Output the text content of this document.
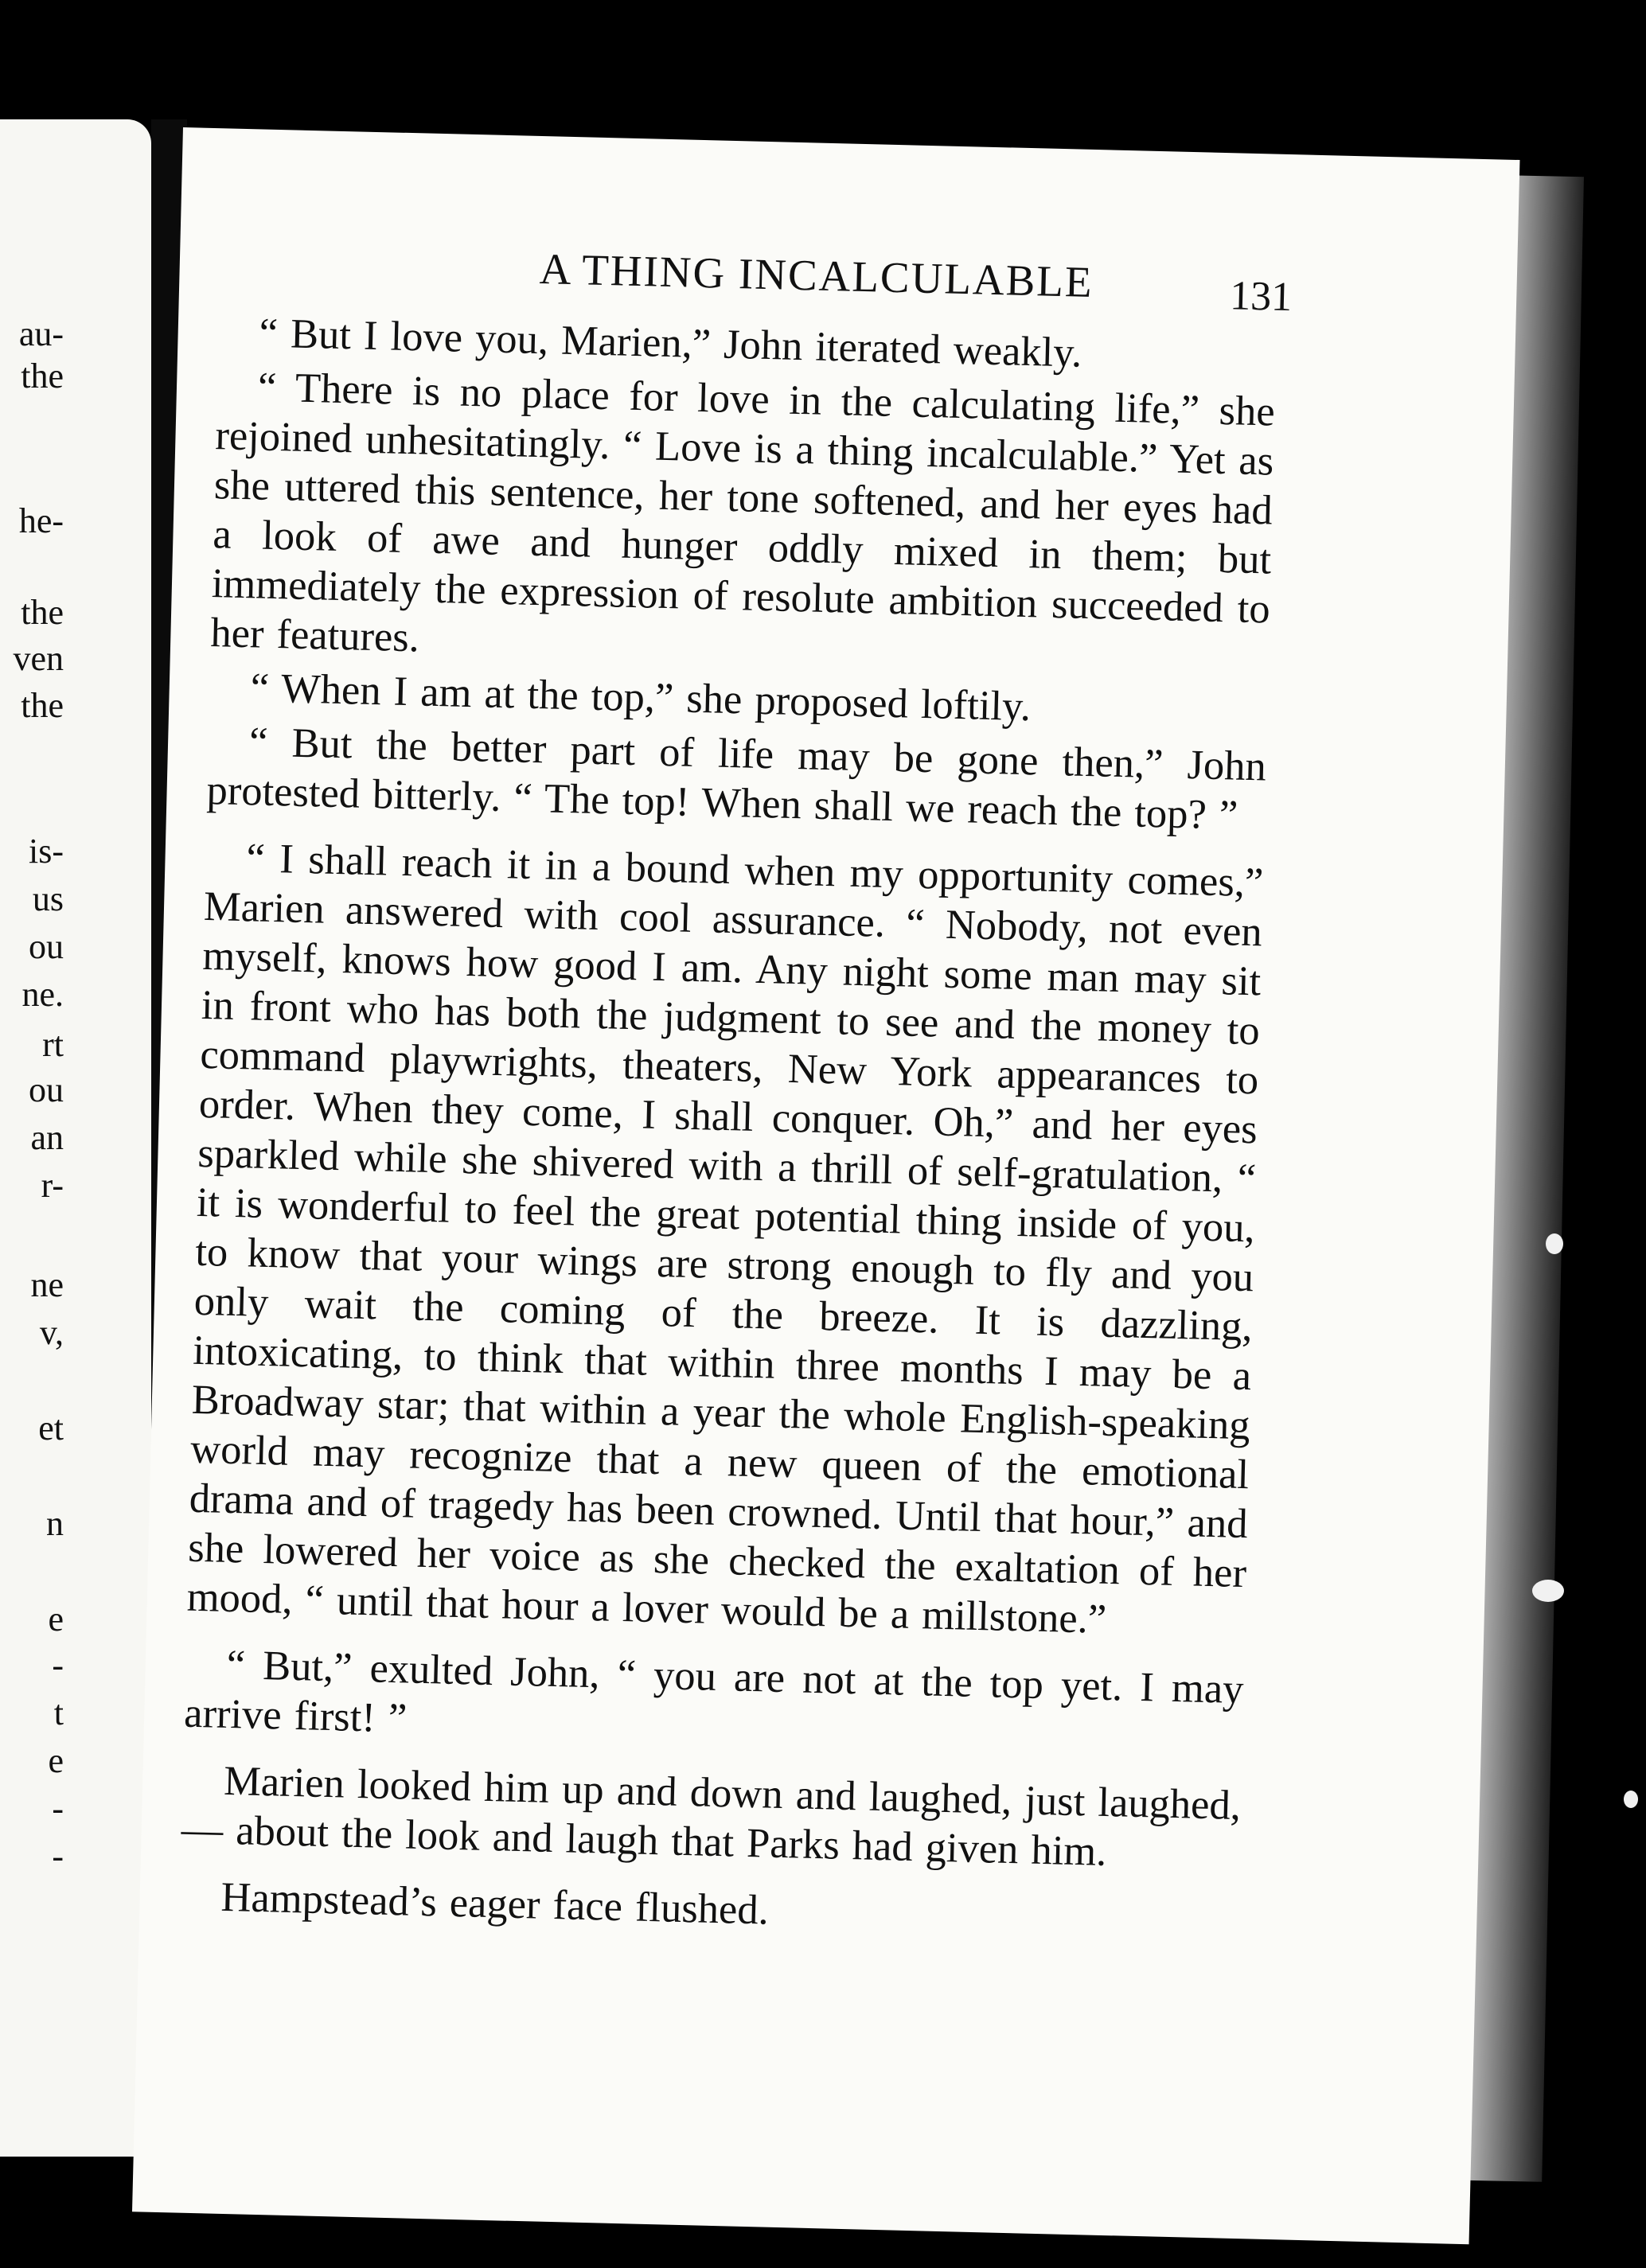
au-
the
he-
the
ven
the
is-
us
ou
ne.
rt
ou
an
r-
ne
v,
et
n
e
-
t
e
-
-
A THING INCALCULABLE	131

“ But I love you, Marien,” John iterated weakly.

“ There is no place for love in the calculating life,” she rejoined unhesitatingly. “ Love is a thing incalculable.” Yet as she uttered this sentence, her tone softened, and her eyes had a look of awe and hunger oddly mixed in them; but immediately the expression of resolute ambition succeeded to her features.

“ When I am at the top,” she proposed loftily.

“ But the better part of life may be gone then,” John protested bitterly. “ The top! When shall we reach the top? ”

“ I shall reach it in a bound when my opportunity comes,” Marien answered with cool assurance. “ Nobody, not even myself, knows how good I am. Any night some man may sit in front who has both the judgment to see and the money to command playwrights, theaters, New York appearances to order. When they come, I shall conquer. Oh,” and her eyes sparkled while she shivered with a thrill of self-gratulation, “ it is wonderful to feel the great potential thing inside of you, to know that your wings are strong enough to fly and you only wait the coming of the breeze. It is dazzling, intoxicating, to think that within three months I may be a Broadway star; that within a year the whole English-speaking world may recognize that a new queen of the emotional drama and of tragedy has been crowned. Until that hour,” and she lowered her voice as she checked the exaltation of her mood, “ until that hour a lover would be a millstone.”

“ But,” exulted John, “ you are not at the top yet. I may arrive first! ”

Marien looked him up and down and laughed, just laughed,— about the look and laugh that Parks had given him.

Hampstead’s eager face flushed.
